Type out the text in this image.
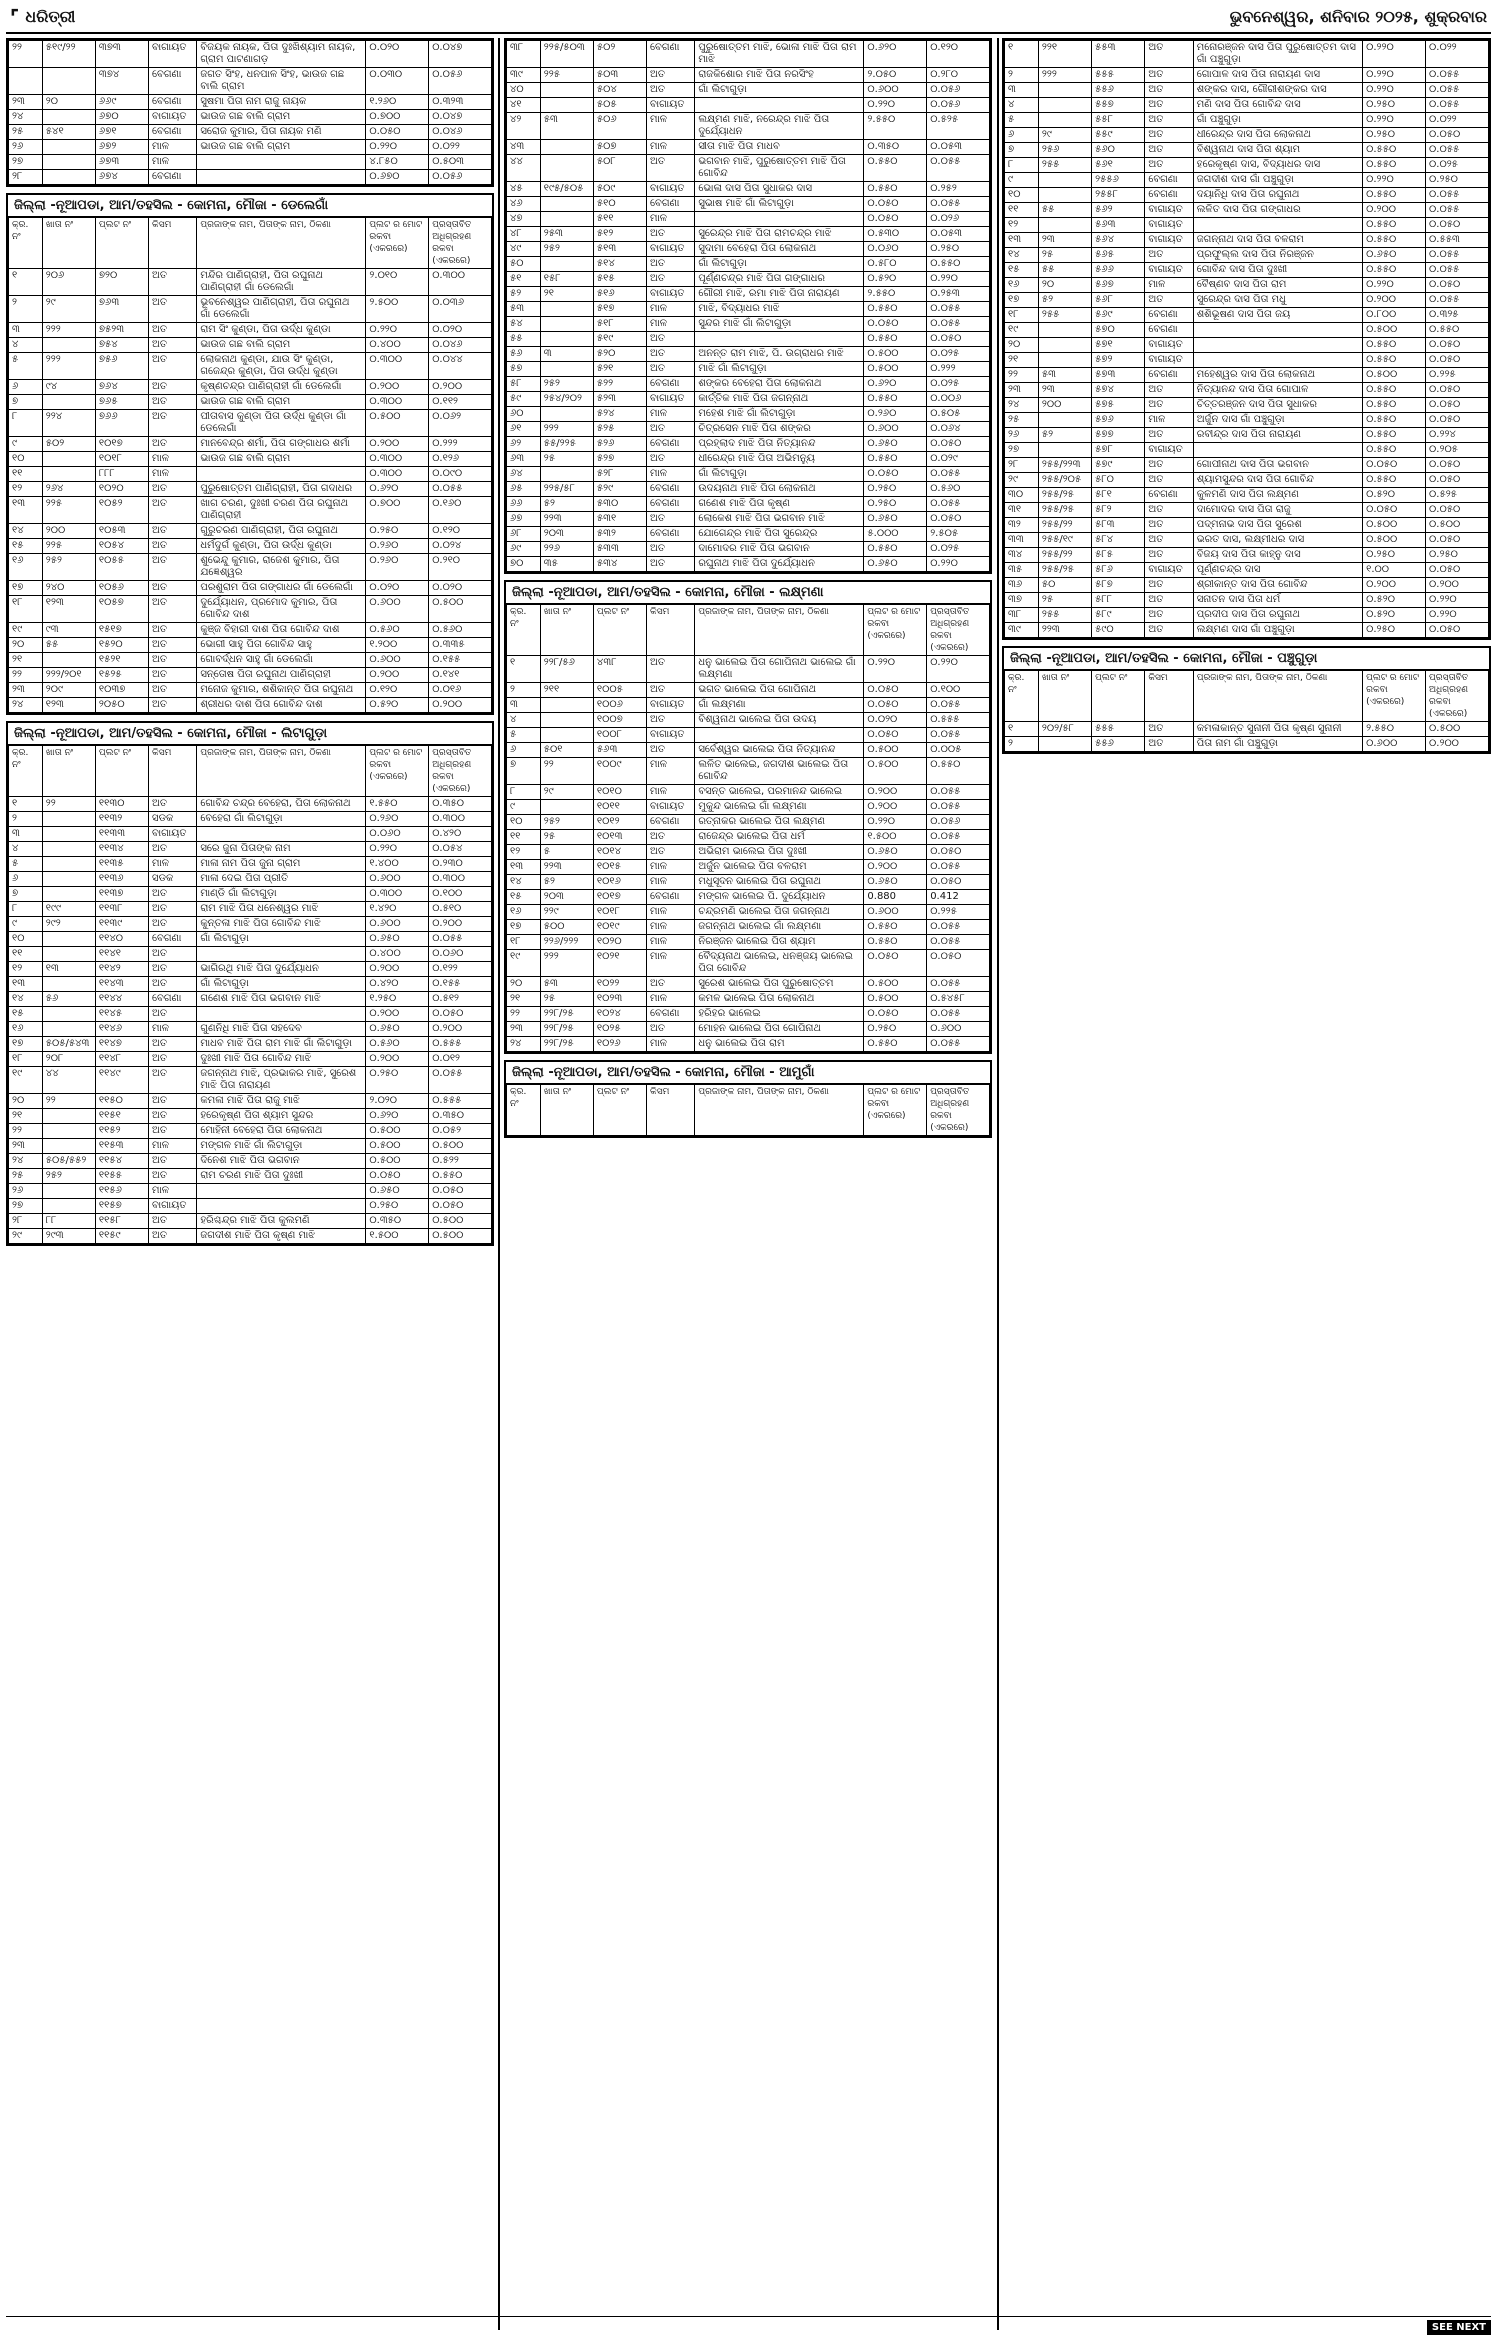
⌜ ଧରିତ୍ରୀ	ଭୁବନେଶ୍ୱର, ଶନିବାର ୨୦୨୫, ଶୁକ୍ରବାର
୨୨	୫୧୯/୨୨	୩୭୩	ବାଗାୟତ	ବିଜୟକ ନାୟକ, ପିତା ଦୁଃଖିଶ୍ୟାମ ନାୟକ, ଗ୍ରାମ ପାଟଣାଗଡ଼	୦.୦୨୦	୦.୦୪୭
		୩୭୪	ବେଗଣା	ଜଗତ ସିଂହ, ଧନପାଳ ସିଂହ, ଭାଉଜ ଗଛ ବାଲି ଗ୍ରାମ	୦.୦୩୦	୦.୦୫୬
୨୩	୨୦	୬୬୯	ବେଗଣା	ସୁଷମା ପିତା ନାମ ରାଜୁ ନାୟକ	୧.୨୬୦	୦.୩୨୩
୨୪		୬୭୦	ବାଗାୟତ	ଭାଉଜ ଗଛ ବାଲି ଗ୍ରାମ	୦.୭୦୦	୦.୦୪୭
୨୫	୫୪୧	୬୭୧	ବେଗଣା	ସରୋଜ କୁମାର, ପିତା ନାୟକ ମଣି	୦.୦୫୦	୦.୦୪୬
୨୬		୬୭୨	ମାଳ	ଭାଉଜ ଗଛ ବାଲି ଗ୍ରାମ	୦.୨୨୦	୦.୦୨୨
୨୭		୬୭୩	ମାଳ		୪.୮୫୦	୦.୫୦୩
୨୮		୬୭୪	ବେଗଣା		୦.୬୭୦	୦.୦୫୬
ଜିଲ୍ଲା -ନୂଆପଡା, ଆମ/ତହସିଲ - କୋମନା, ମୌଜା - ଡେଲେଗାଁ
କ୍ର. ନଂ	ଖାତା ନଂ	ପ୍ଲଟ ନଂ	କିସମ	ପ୍ରଜାଙ୍କ ନାମ, ପିତାଙ୍କ ନାମ, ଠିକଣା	ପ୍ଲଟ ର ମୋଟ ରକବା (ଏକରରେ)	ପ୍ରସ୍ତାବିତ ଅଧିଗ୍ରହଣ ରକବା (ଏକରରେ)
୧	୨୦୬	୭୨୦	ଅତ	ମନ୍ଦିର ପାଣିଗ୍ରାହୀ, ପିତା ରଘୁନାଥ ପାଣିଗ୍ରାହୀ ଗାଁ ଡେଲେଗାଁ	୨.୦୧୦	୦.୩୦୦
୨	୨୯	୭୬୩	ଅତ	ଭୂବନେଶ୍ୱର ପାଣିଗ୍ରାହୀ, ପିତା ରଘୁନାଥ ଗାଁ ଡେଲେଗାଁ	୨.୫୦୦	୦.୦୩୬
୩	୨୨୨	୭୫୨୩	ଅତ	ରାମ ସିଂ କୁଣ୍ଡା, ପିତା ଉର୍ଦ୍ଧ କୁଣ୍ଡା	୦.୨୨୦	୦.୦୨୦
୪		୭୫୪	ଅତ	ଭାଉଜ ଗଛ ବାଲି ଗ୍ରାମ	୦.୪୦୦	୦.୦୪୬
୫	୨୨୨	୭୫୬	ଅତ	ଲୋକନାଥ କୁଣ୍ଡା, ଯାଉ ସିଂ କୁଣ୍ଡା, ଗଜେନ୍ଦ୍ର କୁଣ୍ଡା, ପିତା ଉର୍ଦ୍ଧ କୁଣ୍ଡା	୦.୩୦୦	୦.୦୪୪
୬	୯୪	୭୬୪	ଅତ	କୃଷ୍ଣଚନ୍ଦ୍ର ପାଣିଗ୍ରାହୀ ଗାଁ ଡେଲେଗାଁ	୦.୨୦୦	୦.୨୦୦
୭		୭୬୫	ଅତ	ଭାଉଜ ଗଛ ବାଲି ଗ୍ରାମ	୦.୩୦୦	୦.୧୧୨
୮	୨୨୪	୭୬୬	ଅତ	ପୀତାବାସ କୁଣ୍ଡା ପିତା ଉର୍ଦ୍ଧ କୁଣ୍ଡା ଗାଁ ଡେଲେଗାଁ	୦.୫୦୦	୦.୦୬୨
୯	୫୦୨	୧୦୧୭	ଅତ	ମାନବେନ୍ଦ୍ର ଶର୍ମା, ପିତା ଗଙ୍ଗାଧର ଶର୍ମା	୦.୨୦୦	୦.୨୨୨
୧୦		୧୦୧୮	ମାଳ	ଭାଉଜ ଗଛ ବାଲି ଗ୍ରାମ	୦.୩୦୦	୦.୧୨୬
୧୧		୮୮୮	ମାଳ		୦.୩୦୦	୦.୦୯୦
୧୨	୨୬୪	୧୦୨୦	ଅତ	ପୁରୁଷୋତ୍ତମ ପାଣିଗ୍ରାହୀ, ପିତା ଗଦାଧର	୦.୬୨୦	୦.୦୫୫
୧୩	୨୨୫	୧୦୫୨	ଅତ	ଖାଗ ଚରଣ, ଦୁଃଖୀ ଚରଣ ପିତା ରଘୁନାଥ ପାଣିଗ୍ରାହୀ	୦.୭୦୦	୦.୧୬୦
୧୪	୨୦୦	୧୦୫୩	ଅତ	ଗୁରୁଚରଣ ପାଣିଗ୍ରାହୀ, ପିତା ରଘୁନାଥ	୦.୨୫୦	୦.୧୨୦
୧୫	୨୨୫	୧୦୫୪	ଅତ	ଧର୍ମଦୁର୍ଗ କୁଣ୍ଡା, ପିତା ଉର୍ଦ୍ଧ କୁଣ୍ଡା	୦.୨୬୦	୦.୦୨୪
୧୬	୨୫୨	୧୦୫୫	ଅତ	ଶୁଭେନ୍ଦୁ କୁମାର, ରାଜେଶ କୁମାର, ପିତା ଯଜ୍ଞେଶ୍ୱର	୦.୨୬୦	୦.୨୧୦
୧୭	୨୪୦	୧୦୫୬	ଅତ	ପରଶୁରାମ ପିତା ଗଙ୍ଗାଧର ଗାଁ ଡେଲେଗାଁ	୦.୦୨୦	୦.୦୨୦
୧୮	୧୨୩	୧୦୫୭	ଅତ	ଦୁର୍ଯ୍ୟୋଧନ, ପ୍ରମୋଦ କୁମାର, ପିତା ଗୋବିନ୍ଦ ଦାଶ	୦.୬୦୦	୦.୫୦୦
୧୯	୯୩	୧୫୧୭	ଅତ	କୁଞ୍ଜ ବିହାରୀ ଦାଶ ପିତା ଗୋବିନ୍ଦ ଦାଶ	୦.୫୬୦	୦.୫୬୦
୨୦	୫୫	୧୫୨୦	ଅତ	ଭୋଗୀ ସାହୁ ପିତା ଗୋବିନ୍ଦ ସାହୁ	୧.୨୦୦	୦.୩୩୫
୨୧		୧୫୨୧	ଅତ	ଗୋବର୍ଦ୍ଧନ ସାହୁ ଗାଁ ଡେଲେଗାଁ	୦.୬୦୦	୦.୧୫୫
୨୨	୨୨୨/୨୦୧	୧୫୨୫	ଅତ	ସନ୍ତୋଷ ପିତା ରଘୁନାଥ ପାଣିଗ୍ରାହୀ	୦.୨୦୦	୦.୧୪୧
୨୩	୨୦୯	୧୦୩୭	ଅତ	ମନୋଜ କୁମାର, ଶଶିକାନ୍ତ ପିତା ରଘୁନାଥ	୦.୧୨୦	୦.୦୧୬
୨୪	୧୨୩	୨୦୫୦	ଅତ	ଶ୍ରୀଧର ଦାଶ ପିତା ଗୋବିନ୍ଦ ଦାଶ	୦.୫୨୦	୦.୨୦୦
ଜିଲ୍ଲା -ନୂଆପଡା, ଆମ/ତହସିଲ - କୋମନା, ମୌଜା - ଲିଟାଗୁଡ଼ା
କ୍ର. ନଂ	ଖାତା ନଂ	ପ୍ଲଟ ନଂ	କିସମ	ପ୍ରଜାଙ୍କ ନାମ, ପିତାଙ୍କ ନାମ, ଠିକଣା	ପ୍ଲଟ ର ମୋଟ ରକବା (ଏକରରେ)	ପ୍ରସ୍ତାବିତ ଅଧିଗ୍ରହଣ ରକବା (ଏକରରେ)
୧	୨୨	୧୧୩୦	ଅତ	ଗୋବିନ୍ଦ ଚନ୍ଦ୍ର ବେହେରା, ପିତା ଲୋକନାଥ	୧.୫୫୦	୦.୩୫୦
୨		୧୧୩୨	ସଡକ	ବେହେରା ଗାଁ ଲିଟାଗୁଡ଼ା	୦.୨୬୦	୦.୩୦୦
୩		୧୧୩୩	ବାଗାୟତ		୦.୦୬୦	୦.୪୨୦
୪		୧୧୩୪	ଅତ	ସରେ ଜୁନା ପିତାଙ୍କ ନାମ	୦.୨୨୦	୦.୦୫୪
୫		୧୧୩୫	ମାଳ	ମାଳା ନାମ ପିତା ଜୁନା ଗ୍ରାମ	୧.୪୦୦	୦.୨୩୦
୬		୧୧୩୬	ସଡକ	ମାଳା ଦେଇ ପିତା ପ୍ରୀତି	୦.୬୦୦	୦.୩୦୦
୭		୧୧୩୭	ଅତ	ମାଣ୍ଡି ଗାଁ ଲିଟାଗୁଡ଼ା	୦.୩୦୦	୦.୧୦୦
୮	୧୯୯	୧୧୩୮	ଅତ	ରାମ ମାଝି ପିତା ଧନେଶ୍ୱର ମାଝି	୧.୪୨୦	୦.୫୧୦
୯	୨୯୨	୧୧୩୯	ଅତ	କୁନ୍ତଳା ମାଝି ପିତା ଗୋବିନ୍ଦ ମାଝି	୦.୬୦୦	୦.୨୦୦
୧୦		୧୧୪୦	ବେଗଣା	ଗାଁ ଲିଟାଗୁଡ଼ା	୦.୬୫୦	୦.୦୫୫
୧୧		୧୧୪୧	ଅତ		୦.୪୦୦	୦.୦୬୦
୧୨	୧୩	୧୧୪୨	ଅତ	ଭାଗିରଥି ମାଝି ପିତା ଦୁର୍ଯ୍ୟୋଧନ	୦.୨୦୦	୦.୧୨୨
୧୩		୧୧୪୩	ଅତ	ଗାଁ ଲିଟାଗୁଡ଼ା	୦.୪୨୦	୦.୧୫୫
୧୪	୫୬	୧୧୪୪	ବେଗଣା	ଗଣେଶ ମାଝି ପିତା ଭଗବାନ ମାଝି	୧.୨୫୦	୦.୫୧୨
୧୫		୧୧୪୫	ଅତ		୦.୨୦୦	୦.୦୫୦
୧୬		୧୧୪୬	ମାଳ	ଗୁଣନିଧି ମାଝି ପିତା ସହଦେବ	୦.୬୫୦	୦.୨୦୦
୧୭	୫୦୫/୫୪୩	୧୧୪୭	ଅତ	ମାଧବ ମାଝି ପିତା ରାମ ମାଝି ଗାଁ ଲିଟାଗୁଡ଼ା	୦.୫୬୦	୦.୫୫୫
୧୮	୨୦୮	୧୧୪୮	ଅତ	ଦୁଃଖୀ ମାଝି ପିତା ଗୋବିନ୍ଦ ମାଝି	୦.୨୦୦	୦.୦୧୨
୧୯	୪୪	୧୧୪୯	ଅତ	ଜଗନ୍ନାଥ ମାଝି, ପ୍ରଭାକର ମାଝି, ସୁରେଶ ମାଝି ପିତା ନାରାୟଣ	୦.୨୫୦	୦.୦୫୫
୨୦	୨୨	୧୧୫୦	ଅତ	କମଳା ମାଝି ପିତା ରାଜୁ ମାଝି	୨.୦୨୦	୦.୫୫୫
୨୧		୧୧୫୧	ଅତ	ହରେକୃଷ୍ଣ ପିତା ଶ୍ୟାମ ସୁନ୍ଦର	୦.୬୨୦	୦.୩୫୦
୨୨		୧୧୫୨	ଅତ	ମୋହିନୀ ବେହେରା ପିତା ଲୋକନାଥ	୦.୫୦୦	୦.୦୫୨
୨୩		୧୧୫୩	ମାଳ	ମଙ୍ଗଳ ମାଝି ଗାଁ ଲିଟାଗୁଡ଼ା	୦.୫୦୦	୦.୫୦୦
୨୪	୫୦୫/୫୫୨	୧୧୫୪	ଅତ	ଦିନେଶ ମାଝି ପିତା ଭଗବାନ	୦.୫୦୦	୦.୫୨୨
୨୫	୨୫୨	୧୧୫୫	ଅତ	ରାମ ଚରଣ ମାଝି ପିତା ଦୁଃଖୀ	୦.୦୫୦	୦.୫୫୦
୨୬		୧୧୫୬	ମାଳ		୦.୬୫୦	୦.୦୫୦
୨୭		୧୧୫୭	ବାଗାୟତ		୦.୨୫୦	୦.୦୫୦
୨୮	୮୮	୧୧୫୮	ଅତ	ହରିଶ୍ଚନ୍ଦ୍ର ମାଝି ପିତା କୁଲମଣି	୦.୩୫୦	୦.୫୦୦
୨୯	୨୯୩	୧୧୫୯	ଅତ	ଜଗଦୀଶ ମାଝି ପିତା କୃଷ୍ଣ ମାଝି	୧.୫୦୦	୦.୫୦୦
୩୮	୨୨୫/୫୦୩	୫୦୨	ବେଗଣା	ପୁରୁଷୋତ୍ତମ ମାଝି, ଭୋଳା ମାଝି ପିତା ରାମ ମାଝି	୦.୬୨୦	୦.୧୨୦
୩୯	୨୨୫	୫୦୩	ଅତ	ରାଜକିଶୋର ମାଝି ପିତା ନରସିଂହ	୨.୦୫୦	୦.୨୮୦
୪୦		୫୦୪	ଅତ	ଗାଁ ଲିଟାଗୁଡ଼ା	୦.୬୦୦	୦.୦୫୬
୪୧		୫୦୫	ବାଗାୟତ		୦.୨୨୦	୦.୦୫୬
୪୨	୫୩	୫୦୬	ମାଳ	ଲକ୍ଷ୍ମଣ ମାଝି, ନରେନ୍ଦ୍ର ମାଝି ପିତା ଦୁର୍ଯ୍ୟୋଧନ	୨.୫୫୦	୦.୫୨୫
୪୩		୫୦୭	ମାଳ	ସୀତା ମାଝି ପିତା ମାଧବ	୦.୩୫୦	୦.୦୫୩
୪୪		୫୦୮	ଅତ	ଭଗବାନ ମାଝି, ପୁରୁଷୋତ୍ତମ ମାଝି ପିତା ଗୋବିନ୍ଦ	୦.୫୫୦	୦.୦୫୫
୪୫	୧୯୫/୫୦୫	୫୦୯	ବାଗାୟତ	ଭୋଳା ଦାସ ପିତା ସୁଧାକର ଦାସ	୦.୫୫୦	୦.୨୫୨
୪୬		୫୧୦	ବେଗଣା	ସୁଭାଷ ମାଝି ଗାଁ ଲିଟାଗୁଡ଼ା	୦.୦୫୦	୦.୦୫୫
୪୭		୫୧୧	ମାଳ		୦.୦୫୦	୦.୦୨୬
୪୮	୨୫୩	୫୧୨	ଅତ	ସୁରେନ୍ଦ୍ର ମାଝି ପିତା ରାମଚନ୍ଦ୍ର ମାଝି	୦.୫୩୦	୦.୦୫୩
୪୯	୨୫୨	୫୧୩	ବାଗାୟତ	ସୁଦାମା ବେହେରା ପିତା ଲୋକନାଥ	୦.୦୬୦	୦.୨୫୦
୫୦		୫୧୪	ଅତ	ଗାଁ ଲିଟାଗୁଡ଼ା	୦.୫୮୦	୦.୫୫୦
୫୧	୧୫୮	୫୧୫	ଅତ	ପୂର୍ଣ୍ଣଚନ୍ଦ୍ର ମାଝି ପିତା ଗଙ୍ଗାଧର	୦.୫୨୦	୦.୨୨୦
୫୨	୨୧	୫୧୬	ବାଗାୟତ	ଗୌରୀ ମାଝି, ରମା ମାଝି ପିତା ନାରାୟଣ	୨.୫୫୦	୦.୨୫୩
୫୩		୫୧୭	ମାଳ	ମାଝି, ବିଦ୍ୟାଧର ମାଝି	୦.୫୫୦	୦.୦୫୫
୫୪		୫୧୮	ମାଳ	ସୁନ୍ଦର ମାଝି ଗାଁ ଲିଟାଗୁଡ଼ା	୦.୦୫୦	୦.୦୫୫
୫୫		୫୧୯	ଅତ		୦.୫୫୦	୦.୦୫୦
୫୬	୩	୫୨୦	ଅତ	ଅନନ୍ତ ରାମ ମାଝି, ପି. ଉଗ୍ରାଧର ମାଝି	୦.୫୦୦	୦.୦୨୫
୫୭		୫୨୧	ଅତ	ମାଝି ଗାଁ ଲିଟାଗୁଡ଼ା	୦.୫୦୦	୦.୨୨୨
୫୮	୨୫୨	୫୨୨	ବେଗଣା	ଶଙ୍କର ବେହେରା ପିତା ଲୋକନାଥ	୦.୬୨୦	୦.୦୨୫
୫୯	୨୫୪/୨୦୨	୫୨୩	ବାଗାୟତ	କାର୍ତ୍ତିକ ମାଝି ପିତା ଜଗନ୍ନାଥ	୦.୫୫୦	୦.୦୦୬
୬୦		୫୨୪	ମାଳ	ମହେଶ ମାଝି ଗାଁ ଲିଟାଗୁଡ଼ା	୦.୨୬୦	୦.୫୦୫
୬୧	୨୨୨	୫୨୫	ଅତ	ଚିତ୍ରସେନ ମାଝି ପିତା ଶଙ୍କର	୦.୬୦୦	୦.୦୬୪
୬୨	୫୫/୨୨୫	୫୨୬	ବେଗଣା	ପ୍ରହ୍ଲାଦ ମାଝି ପିତା ନିତ୍ୟାନନ୍ଦ	୦.୬୫୦	୦.୦୫୦
୬୩	୨୫	୫୨୭	ଅତ	ଧୀରେନ୍ଦ୍ର ମାଝି ପିତା ଅଭିମନ୍ୟୁ	୦.୫୫୦	୦.୦୨୯
୬୪		୫୨୮	ମାଳ	ଗାଁ ଲିଟାଗୁଡ଼ା	୦.୦୫୦	୦.୦୫୫
୬୫	୨୨୫/୫୮	୫୨୯	ବେଗଣା	ଉଦୟନାଥ ମାଝି ପିତା ଲୋକନାଥ	୦.୨୫୦	୦.୫୬୦
୬୬	୫୨	୫୩୦	ବେଗଣା	ଗଣେଶ ମାଝି ପିତା କୃଷ୍ଣ	୦.୨୫୦	୦.୦୫୫
୬୭	୨୨୩	୫୩୧	ଅତ	ଲୋକେଶ ମାଝି ପିତା ଭଗବାନ ମାଝି	୦.୬୫୦	୦.୦୫୦
୬୮	୨୦୩	୫୩୨	ବେଗଣା	ଯୋଗେନ୍ଦ୍ର ମାଝି ପିତା ସୁରେନ୍ଦ୍ର	୫.୦୦୦	୨.୫୦୫
୬୯	୨୨୬	୫୩୩	ଅତ	ଦାମୋଦର ମାଝି ପିତା ଭଗବାନ	୦.୫୫୦	୦.୦୨୫
୭୦	୩୫	୫୩୪	ଅତ	ରଘୁନାଥ ମାଝି ପିତା ଦୁର୍ଯ୍ୟୋଧନ	୦.୬୫୦	୦.୨୨୦
ଜିଲ୍ଲା -ନୂଆପଡା, ଆମ/ତହସିଲ - କୋମନା, ମୌଜା - ଲକ୍ଷ୍ମଣା
କ୍ର. ନଂ	ଖାତା ନଂ	ପ୍ଲଟ ନଂ	କିସମ	ପ୍ରଜାଙ୍କ ନାମ, ପିତାଙ୍କ ନାମ, ଠିକଣା	ପ୍ଲଟ ର ମୋଟ ରକବା (ଏକରରେ)	ପ୍ରସ୍ତାବିତ ଅଧିଗ୍ରହଣ ରକବା (ଏକରରେ)
୧	୨୨୮/୫୬	୪୩୮	ଅତ	ଧନୁ ଭାଲେଇ ପିତା ଗୋପିନାଥ ଭାଲେଇ ଗାଁ ଲକ୍ଷ୍ମଣା	୦.୨୨୦	୦.୨୨୦
୨	୨୧୧	୧୦୦୫	ଅତ	ଭଗତ ଭାଲେଇ ପିତା ଗୋପିନାଥ	୦.୦୫୦	୦.୧୦୦
୩		୧୦୦୬	ବାଗାୟତ	ଗାଁ ଲକ୍ଷ୍ମଣା	୦.୦୫୦	୦.୦୫୫
୪		୧୦୦୭	ଅତ	ବିଶ୍ୱନାଥ ଭାଲେଇ ପିତା ଉଦୟ	୦.୦୨୦	୦.୫୫୫
୫		୧୦୦୮	ବାଗାୟତ		୦.୦୫୦	୦.୦୫୫
୬	୫୦୧	୫୬୩	ଅତ	ସର୍ବେଶ୍ୱର ଭାଲେଇ ପିତା ନିତ୍ୟାନନ୍ଦ	୦.୫୦୦	୦.୦୦୫
୭	୨୨	୧୦୦୯	ମାଳ	ଲଳିତ ଭାଲେଇ, ଜଗଦୀଶ ଭାଲେଇ ପିତା ଗୋବିନ୍ଦ	୦.୫୦୦	୦.୫୫୦
୮	୨୯	୧୦୧୦	ମାଳ	ବସନ୍ତ ଭାଲେଇ, ପରମାନନ୍ଦ ଭାଲେଇ	୦.୨୦୦	୦.୦୫୫
୯		୧୦୧୧	ବାଗାୟତ	ମୁକୁନ୍ଦ ଭାଲେଇ ଗାଁ ଲକ୍ଷ୍ମଣା	୦.୨୦୦	୦.୦୫୫
୧୦	୨୫୨	୧୦୧୨	ବେଗଣା	ରତ୍ନାକର ଭାଲେଇ ପିତା ଲକ୍ଷ୍ମଣ	୦.୨୨୦	୦.୦୫୬
୧୧	୨୫	୧୦୧୩	ଅତ	ରାଜେନ୍ଦ୍ର ଭାଲେଇ ପିତା ଧର୍ମ	୧.୫୦୦	୦.୦୫୫
୧୨	୫	୧୦୧୪	ଅତ	ଅଭିରାମ ଭାଲେଇ ପିତା ଦୁଃଖୀ	୦.୬୫୦	୦.୦୫୦
୧୩	୨୨୩	୧୦୧୫	ମାଳ	ଅର୍ଜୁନ ଭାଲେଇ ପିତା ବଳରାମ	୦.୨୦୦	୦.୦୫୫
୧୪	୫୨	୧୦୧୬	ମାଳ	ମଧୁସୂଦନ ଭାଲେଇ ପିତା ରଘୁନାଥ	୦.୬୫୦	୦.୦୫୦
୧୫	୨୦୩	୧୦୧୭	ବେଗଣା	ମଙ୍ଗଳ ଭାଲେଇ ପି. ଦୁର୍ଯ୍ୟୋଧନ	0.880	0.412
୧୬	୨୨୯	୧୦୧୮	ମାଳ	ଚନ୍ଦ୍ରମଣି ଭାଲେଇ ପିତା ଜଗନ୍ନାଥ	୦.୬୦୦	୦.୨୨୫
୧୭	୫୦୦	୧୦୧୯	ମାଳ	ଜଗନ୍ନାଥ ଭାଲେଇ ଗାଁ ଲକ୍ଷ୍ମଣା	୦.୫୫୦	୦.୦୫୫
୧୮	୨୨୬/୨୨୨	୧୦୨୦	ମାଳ	ନିରଞ୍ଜନ ଭାଲେଇ ପିତା ଶ୍ୟାମ	୦.୫୫୦	୦.୦୫୫
୧୯	୨୨୨	୧୦୨୧	ମାଳ	ବୈଦ୍ୟନାଥ ଭାଲେଇ, ଧନଞ୍ଜୟ ଭାଲେଇ ପିତା ଗୋବିନ୍ଦ	୦.୦୫୦	୦.୦୫୦
୨୦	୫୩	୧୦୨୨	ଅତ	ସୁରେଶ ଭାଲେଇ ପିତା ପୁରୁଷୋତ୍ତମ	୦.୫୦୦	୦.୦୫୫
୨୧	୨୫	୧୦୨୩	ମାଳ	କମଳ ଭାଲେଇ ପିତା ଲୋକନାଥ	୦.୫୦୦	୦.୫୪୫୮
୨୨	୨୨୮/୨୫	୧୦୨୪	ବେଗଣା	ହରିହର ଭାଲେଇ	୦.୦୫୦	୦.୦୫୫
୨୩	୨୨୮/୨୫	୧୦୨୫	ଅତ	ମୋହନ ଭାଲେଇ ପିତା ଗୋପିନାଥ	୦.୨୫୦	୦.୬୦୦
୨୪	୨୨୮/୨୫	୧୦୨୬	ମାଳ	ଧନୁ ଭାଲେଇ ପିତା ରାମ	୦.୫୫୦	୦.୦୫୫
ଜିଲ୍ଲା -ନୂଆପଡା, ଆମ/ତହସିଲ - କୋମନା, ମୌଜା - ଆମୁଗାଁ
କ୍ର. ନଂ	ଖାତା ନଂ	ପ୍ଲଟ ନଂ	କିସମ	ପ୍ରଜାଙ୍କ ନାମ, ପିତାଙ୍କ ନାମ, ଠିକଣା	ପ୍ଲଟ ର ମୋଟ ରକବା (ଏକରରେ)	ପ୍ରସ୍ତାବିତ ଅଧିଗ୍ରହଣ ରକବା (ଏକରରେ)
୧	୨୨୧	୫୫୩	ଅତ	ମନୋରଞ୍ଜନ ଦାସ ପିତା ପୁରୁଷୋତ୍ତମ ଦାସ ଗାଁ ପଞ୍ଚୁଗୁଡ଼ା	୦.୨୨୦	୦.୦୨୨
୨	୨୨୨	୫୫୫	ଅତ	ଗୋପାଳ ଦାସ ପିତା ନାରାୟଣ ଦାସ	୦.୨୨୦	୦.୦୫୫
୩		୫୫୬	ଅତ	ଶଙ୍କର ଦାସ, ଗୌରୀଶଙ୍କର ଦାସ	୦.୨୨୦	୦.୦୫୫
୪		୫୫୭	ଅତ	ମଣି ଦାସ ପିତା ଗୋବିନ୍ଦ ଦାସ	୦.୨୫୦	୦.୦୫୫
୫		୫୫୮	ଅତ	ଗାଁ ପଞ୍ଚୁଗୁଡ଼ା	୦.୨୨୦	୦.୦୨୨
୬	୨୯	୫୫୯	ଅତ	ଧୀରେନ୍ଦ୍ର ଦାସ ପିତା ଲୋକନାଥ	୦.୨୫୦	୦.୦୫୦
୭	୨୫୬	୫୬୦	ଅତ	ବିଶ୍ୱନାଥ ଦାସ ପିତା ଶ୍ୟାମ	୦.୫୫୦	୦.୦୫୫
୮	୨୫୫	୫୬୧	ଅତ	ହରେକୃଷ୍ଣ ଦାସ, ବିଦ୍ୟାଧର ଦାସ	୦.୫୫୦	୦.୦୨୫
୯		୨୫୫୬	ବେଗଣା	ଜଗଦୀଶ ଦାସ ଗାଁ ପଞ୍ଚୁଗୁଡ଼ା	୦.୨୨୦	୦.୨୫୦
୧୦		୨୫୫୮	ବେଗଣା	ଦୟାନିଧି ଦାସ ପିତା ରଘୁନାଥ	୦.୫୫୦	୦.୦୫୫
୧୧	୫୫	୫୬୨	ବାଗାୟତ	ଲଳିତ ଦାସ ପିତା ଗଙ୍ଗାଧର	୦.୨୦୦	୦.୦୫୫
୧୨		୫୬୩	ବାଗାୟତ		୦.୫୫୦	୦.୦୫୦
୧୩	୨୩	୫୬୪	ବାଗାୟତ	ଜଗନ୍ନାଥ ଦାସ ପିତା ବଳରାମ	୦.୫୫୦	୦.୫୫୩
୧୪	୨୫	୫୬୫	ଅତ	ପ୍ରଫୁଲ୍ଲ ଦାସ ପିତା ନିରଞ୍ଜନ	୦.୬୫୦	୦.୦୫୫
୧୫	୫୫	୫୬୬	ବାଗାୟତ	ଗୋବିନ୍ଦ ଦାସ ପିତା ଦୁଃଖୀ	୦.୫୫୦	୦.୦୫୫
୧୬	୨୦	୫୬୭	ମାଳ	ବୈଷ୍ଣବ ଦାସ ପିତା ରାମ	୦.୨୨୦	୦.୦୫୦
୧୭	୫୨	୫୬୮	ଅତ	ସୁରେନ୍ଦ୍ର ଦାସ ପିତା ମଧୁ	୦.୨୦୦	୦.୦୫୫
୧୮	୨୫୫	୫୬୯	ବେଗଣା	ଶଶିଭୂଷଣ ଦାସ ପିତା ଜୟ	୦.୮୦୦	୦.୩୨୫
୧୯		୫୭୦	ବେଗଣା		୦.୫୦୦	୦.୫୫୦
୨୦		୫୭୧	ବାଗାୟତ		୦.୫୫୦	୦.୦୫୦
୨୧		୫୭୨	ବାଗାୟତ		୦.୫୫୦	୦.୦୫୦
୨୨	୫୩	୫୭୩	ବେଗଣା	ମହେଶ୍ୱର ଦାସ ପିତା ଲୋକନାଥ	୦.୫୦୦	୦.୨୨୫
୨୩	୨୩	୫୭୪	ଅତ	ନିତ୍ୟାନନ୍ଦ ଦାସ ପିତା ଗୋପାଳ	୦.୫୫୦	୦.୦୫୦
୨୪	୨୦୦	୫୭୫	ଅତ	ଚିତ୍ତରଞ୍ଜନ ଦାସ ପିତା ସୁଧାକର	୦.୫୫୦	୦.୦୫୦
୨୫		୫୭୬	ମାଳ	ଅର୍ଜୁନ ଦାସ ଗାଁ ପଞ୍ଚୁଗୁଡ଼ା	୦.୫୫୦	୦.୦୫୦
୨୬	୫୨	୫୭୭	ଅତ	ରବୀନ୍ଦ୍ର ଦାସ ପିତା ନାରାୟଣ	୦.୫୫୦	୦.୨୨୪
୨୭		୫୭୮	ବାଗାୟତ		୦.୫୫୦	୦.୨୦୫
୨୮	୨୫୫/୨୨୩	୫୭୯	ଅତ	ଗୋପୀନାଥ ଦାସ ପିତା ଭଗବାନ	୦.୦୫୦	୦.୦୫୦
୨୯	୨୫୫/୨୦୫	୫୮୦	ଅତ	ଶ୍ୟାମସୁନ୍ଦର ଦାସ ପିତା ଗୋବିନ୍ଦ	୦.୫୫୦	୦.୦୫୦
୩୦	୨୫୫/୨୫	୫୮୧	ବେଗଣା	କୁଳମଣି ଦାସ ପିତା ଲକ୍ଷ୍ମଣ	୦.୫୨୦	୦.୫୨୫
୩୧	୨୫୫/୨୫	୫୮୨	ଅତ	ଦାମୋଦର ଦାସ ପିତା ରାଜୁ	୦.୦୫୦	୦.୦୫୦
୩୨	୨୫୫/୨୨	୫୮୩	ଅତ	ପଦ୍ମନାଭ ଦାସ ପିତା ସୁରେଶ	୦.୫୦୦	୦.୫୦୦
୩୩	୨୫୫/୧୯	୫୮୪	ଅତ	ଭରତ ଦାସ, ଲକ୍ଷ୍ମୀଧର ଦାସ	୦.୫୦୦	୦.୦୫୦
୩୪	୨୫୫/୨୨	୫୮୫	ଅତ	ବିଜୟ ଦାସ ପିତା କାହ୍ନୁ ଦାସ	୦.୨୫୦	୦.୨୫୦
୩୫	୨୫୫/୨୫	୫୮୬	ବାଗାୟତ	ପୂର୍ଣ୍ଣଚନ୍ଦ୍ର ଦାସ	୧.୦୦	୦.୦୫୦
୩୬	୫୦	୫୮୭	ଅତ	ଶ୍ରୀକାନ୍ତ ଦାସ ପିତା ଗୋବିନ୍ଦ	୦.୨୦୦	୦.୨୦୦
୩୭	୨୫	୫୮୮	ଅତ	ସନାତନ ଦାସ ପିତା ଧର୍ମ	୦.୫୨୦	୦.୨୨୦
୩୮	୨୫୫	୫୮୯	ଅତ	ପ୍ରଦୀପ ଦାସ ପିତା ରଘୁନାଥ	୦.୫୨୦	୦.୨୨୦
୩୯	୨୨୩	୫୯୦	ଅତ	ଲକ୍ଷ୍ମଣ ଦାସ ଗାଁ ପଞ୍ଚୁଗୁଡ଼ା	୦.୨୫୦	୦.୦୫୦
ଜିଲ୍ଲା -ନୂଆପଡା, ଆମ/ତହସିଲ - କୋମନା, ମୌଜା - ପଞ୍ଚୁଗୁଡ଼ା
କ୍ର. ନଂ	ଖାତା ନଂ	ପ୍ଲଟ ନଂ	କିସମ	ପ୍ରଜାଙ୍କ ନାମ, ପିତାଙ୍କ ନାମ, ଠିକଣା	ପ୍ଲଟ ର ମୋଟ ରକବା (ଏକରରେ)	ପ୍ରସ୍ତାବିତ ଅଧିଗ୍ରହଣ ରକବା (ଏକରରେ)
୧	୨୦୨/୫୮	୫୫୫	ଅତ	କମଳାକାନ୍ତ ସୁନାନୀ ପିତା କୃଷ୍ଣ ସୁନାନୀ	୨.୫୫୦	୦.୫୦୦
୨		୫୫୬	ଅତ	ପିତା ନାମ ଗାଁ ପଞ୍ଚୁଗୁଡ଼ା	୦.୬୦୦	୦.୨୦୦
SEE NEXT
